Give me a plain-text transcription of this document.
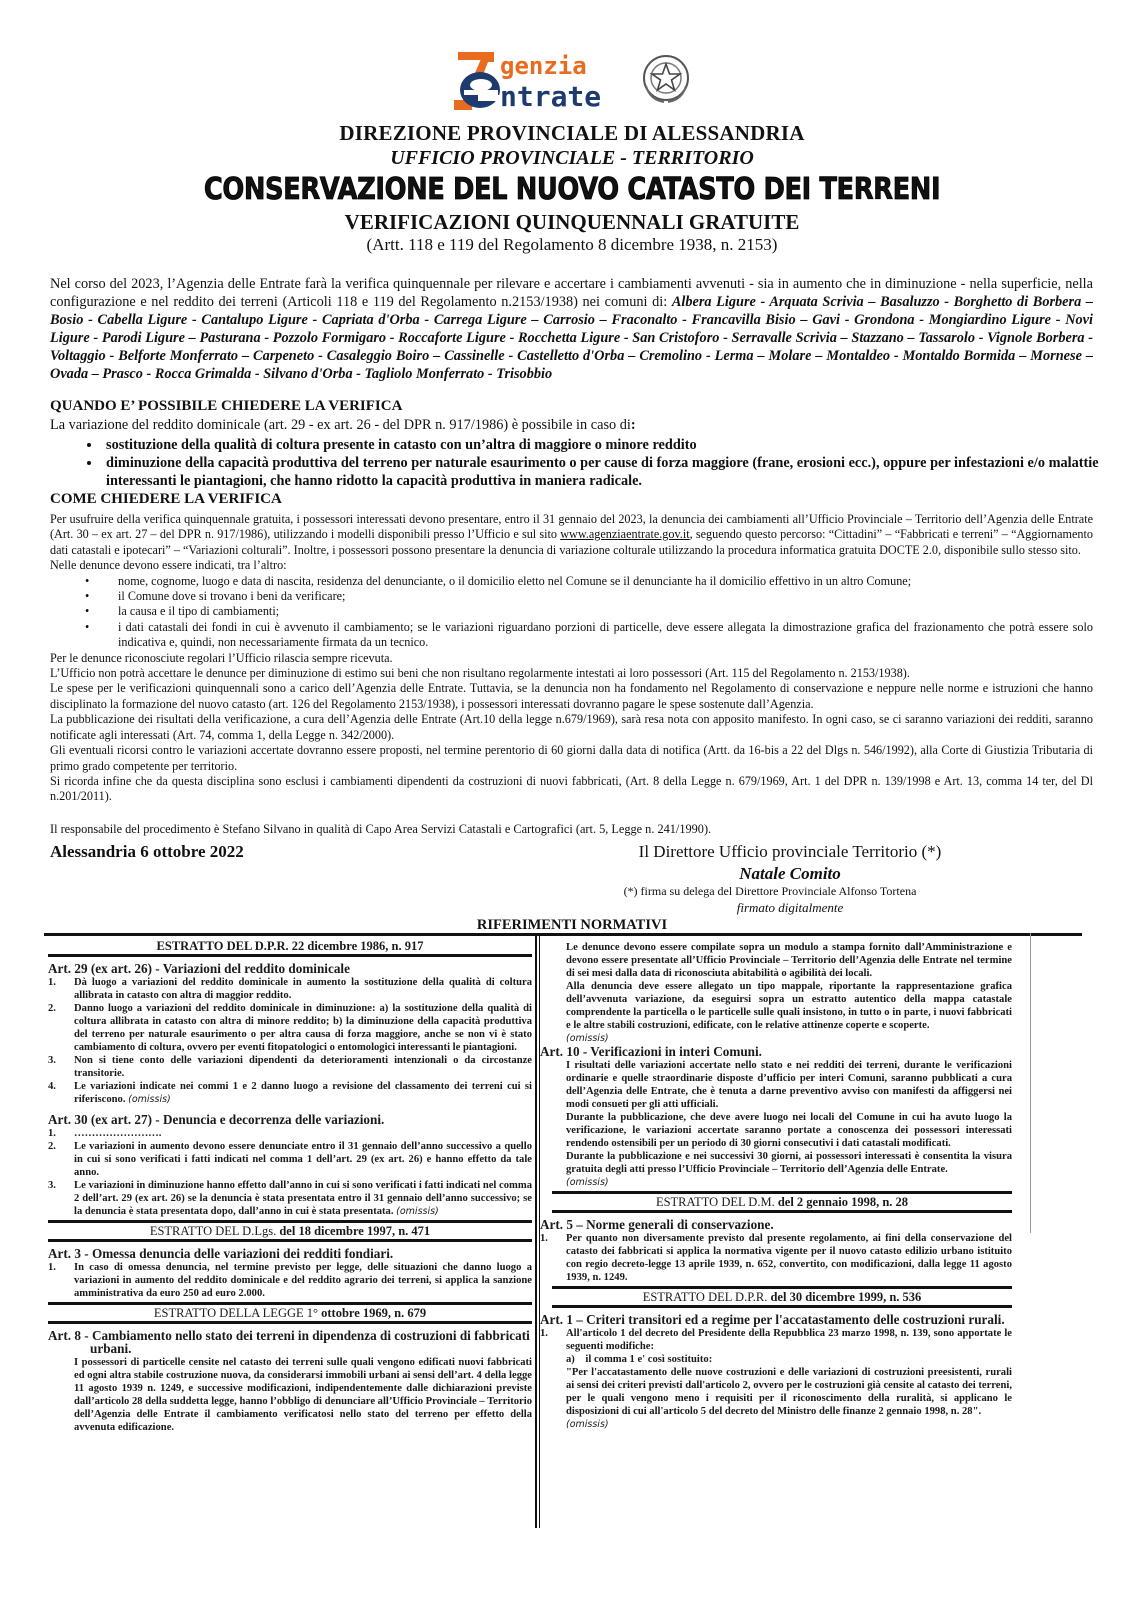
genzia
ntrate
DIREZIONE PROVINCIALE DI ALESSANDRIA
UFFICIO PROVINCIALE - TERRITORIO
CONSERVAZIONE DEL NUOVO CATASTO DEI TERRENI
VERIFICAZIONI QUINQUENNALI GRATUITE
(Artt. 118 e 119 del Regolamento 8 dicembre 1938, n. 2153)
Nel corso del 2023, l’Agenzia delle Entrate farà la verifica quinquennale per rilevare e accertare i cambiamenti avvenuti - sia in aumento che in diminuzione - nella superficie, nella configurazione e nel reddito dei terreni (Articoli 118 e 119 del Regolamento n.2153/1938) nei comuni di: Albera Ligure - Arquata Scrivia – Basaluzzo - Borghetto di Borbera – Bosio - Cabella Ligure - Cantalupo Ligure - Capriata d'Orba - Carrega Ligure – Carrosio – Fraconalto - Francavilla Bisio – Gavi - Grondona - Mongiardino Ligure - Novi Ligure - Parodi Ligure – Pasturana - Pozzolo Formigaro - Roccaforte Ligure - Rocchetta Ligure - San Cristoforo - Serravalle Scrivia – Stazzano – Tassarolo - Vignole Borbera - Voltaggio - Belforte Monferrato – Carpeneto - Casaleggio Boiro – Cassinelle - Castelletto d'Orba – Cremolino - Lerma – Molare – Montaldeo - Montaldo Bormida – Mornese – Ovada – Prasco - Rocca Grimalda - Silvano d'Orba - Tagliolo Monferrato - Trisobbio
QUANDO E’ POSSIBILE CHIEDERE LA VERIFICA
La variazione del reddito dominicale (art. 29 - ex art. 26 - del DPR n. 917/1986) è possibile in caso di:
• sostituzione della qualità di coltura presente in catasto con un’altra di maggiore o minore reddito
• diminuzione della capacità produttiva del terreno per naturale esaurimento o per cause di forza maggiore (frane, erosioni ecc.), oppure per infestazioni e/o malattie interessanti le piantagioni, che hanno ridotto la capacità produttiva in maniera radicale.
COME CHIEDERE LA VERIFICA

Per usufruire della verifica quinquennale gratuita, i possessori interessati devono presentare, entro il 31 gennaio del 2023, la denuncia dei cambiamenti all’Ufficio Provinciale – Territorio dell’Agenzia delle Entrate (Art. 30 – ex art. 27 – del DPR n. 917/1986), utilizzando i modelli disponibili presso l’Ufficio e sul sito www.agenziaentrate.gov.it, seguendo questo percorso: “Cittadini” – “Fabbricati e terreni” – “Aggiornamento dati catastali e ipotecari” – “Variazioni colturali”. Inoltre, i possessori possono presentare la denuncia di variazione colturale utilizzando la procedura informatica gratuita DOCTE 2.0, disponibile sullo stesso sito.

Nelle denunce devono essere indicati, tra l’altro:

• nome, cognome, luogo e data di nascita, residenza del denunciante, o il domicilio eletto nel Comune se il denunciante ha il domicilio effettivo in un altro Comune;
• il Comune dove si trovano i beni da verificare;
• la causa e il tipo di cambiamenti;
• i dati catastali dei fondi in cui è avvenuto il cambiamento; se le variazioni riguardano porzioni di particelle, deve essere allegata la dimostrazione grafica del frazionamento che potrà essere solo indicativa e, quindi, non necessariamente firmata da un tecnico.

Per le denunce riconosciute regolari l’Ufficio rilascia sempre ricevuta.

L’Ufficio non potrà accettare le denunce per diminuzione di estimo sui beni che non risultano regolarmente intestati ai loro possessori (Art. 115 del Regolamento n. 2153/1938).

Le spese per le verificazioni quinquennali sono a carico dell’Agenzia delle Entrate. Tuttavia, se la denuncia non ha fondamento nel Regolamento di conservazione e neppure nelle norme e istruzioni che hanno disciplinato la formazione del nuovo catasto (art. 126 del Regolamento 2153/1938), i possessori interessati dovranno pagare le spese sostenute dall’Agenzia.

La pubblicazione dei risultati della verificazione, a cura dell’Agenzia delle Entrate (Art.10 della legge n.679/1969), sarà resa nota con apposito manifesto. In ogni caso, se ci saranno variazioni dei redditi, saranno notificate agli interessati (Art. 74, comma 1, della Legge n. 342/2000).

Gli eventuali ricorsi contro le variazioni accertate dovranno essere proposti, nel termine perentorio di 60 giorni dalla data di notifica (Artt. da 16-bis a 22 del Dlgs n. 546/1992), alla Corte di Giustizia Tributaria di primo grado competente per territorio.

Si ricorda infine che da questa disciplina sono esclusi i cambiamenti dipendenti da costruzioni di nuovi fabbricati, (Art. 8 della Legge n. 679/1969, Art. 1 del DPR n. 139/1998 e Art. 13, comma 14 ter, del Dl n.201/2011).

Il responsabile del procedimento è Stefano Silvano in qualità di Capo Area Servizi Catastali e Cartografici (art. 5, Legge n. 241/1990).
Alessandria 6 ottobre 2022	Il Direttore Ufficio provinciale Territorio (*)
Natale Comito
(*) firma su delega del Direttore Provinciale Alfonso Tortena
firmato digitalmente
RIFERIMENTI NORMATIVI
ESTRATTO DEL D.P.R. 22 dicembre 1986, n. 917
Art. 29 (ex art. 26) - Variazioni del reddito dominicale
1.	Dà luogo a variazioni del reddito dominicale in aumento la sostituzione della qualità di coltura allibrata in catasto con altra di maggior reddito.
2.	Danno luogo a variazioni del reddito dominicale in diminuzione: a) la sostituzione della qualità di coltura allibrata in catasto con altra di minore reddito; b) la diminuzione della capacità produttiva del terreno per naturale esaurimento o per altra causa di forza maggiore, anche se non vi è stato cambiamento di coltura, ovvero per eventi fitopatologici o entomologici interessanti le piantagioni.
3.	Non si tiene conto delle variazioni dipendenti da deterioramenti intenzionali o da circostanze transitorie.
4.	Le variazioni indicate nei commi 1 e 2 danno luogo a revisione del classamento dei terreni cui si riferiscono. (omissis)
Art. 30 (ex art. 27) - Denuncia e decorrenza delle variazioni.
1.	…………………….
2.	Le variazioni in aumento devono essere denunciate entro il 31 gennaio dell’anno successivo a quello in cui si sono verificati i fatti indicati nel comma 1 dell’art. 29 (ex art. 26) e hanno effetto da tale anno.
3.	Le variazioni in diminuzione hanno effetto dall’anno in cui si sono verificati i fatti indicati nel comma 2 dell’art. 29 (ex art. 26) se la denuncia è stata presentata entro il 31 gennaio dell’anno successivo; se la denuncia è stata presentata dopo, dall’anno in cui è stata presentata. (omissis)
ESTRATTO DEL D.Lgs. del 18 dicembre 1997, n. 471
Art. 3 - Omessa denuncia delle variazioni dei redditi fondiari.
1.	In caso di omessa denuncia, nel termine previsto per legge, delle situazioni che danno luogo a variazioni in aumento del reddito dominicale e del reddito agrario dei terreni, si applica la sanzione amministrativa da euro 250 ad euro 2.000.
ESTRATTO DELLA LEGGE 1° ottobre 1969, n. 679
Art. 8 - Cambiamento nello stato dei terreni in dipendenza di costruzioni di fabbricati urbani.
I possessori di particelle censite nel catasto dei terreni sulle quali vengono edificati nuovi fabbricati ed ogni altra stabile costruzione nuova, da considerarsi immobili urbani ai sensi dell’art. 4 della legge 11 agosto 1939 n. 1249, e successive modificazioni, indipendentemente dalle dichiarazioni previste dall’articolo 28 della suddetta legge, hanno l’obbligo di denunciare all’Ufficio Provinciale – Territorio dell’Agenzia delle Entrate il cambiamento verificatosi nello stato del terreno per effetto della avvenuta edificazione.
Le denunce devono essere compilate sopra un modulo a stampa fornito dall’Amministrazione e devono essere presentate all’Ufficio Provinciale – Territorio dell’Agenzia delle Entrate nel termine di sei mesi dalla data di riconosciuta abitabilità o agibilità dei locali.
Alla denuncia deve essere allegato un tipo mappale, riportante la rappresentazione grafica dell’avvenuta variazione, da eseguirsi sopra un estratto autentico della mappa catastale comprendente la particella o le particelle sulle quali insistono, in tutto o in parte, i nuovi fabbricati e le altre stabili costruzioni, edificate, con le relative attinenze coperte e scoperte.
(omissis)
Art. 10 - Verificazioni in interi Comuni.
I risultati delle variazioni accertate nello stato e nei redditi dei terreni, durante le verificazioni ordinarie e quelle straordinarie disposte d’ufficio per interi Comuni, saranno pubblicati a cura dell’Agenzia delle Entrate, che è tenuta a darne preventivo avviso con manifesti da affiggersi nei modi consueti per gli atti ufficiali.
Durante la pubblicazione, che deve avere luogo nei locali del Comune in cui ha avuto luogo la verificazione, le variazioni accertate saranno portate a conoscenza dei possessori interessati rendendo ostensibili per un periodo di 30 giorni consecutivi i dati catastali modificati.
Durante la pubblicazione e nei successivi 30 giorni, ai possessori interessati è consentita la visura gratuita degli atti presso l’Ufficio Provinciale – Territorio dell’Agenzia delle Entrate.
(omissis)
ESTRATTO DEL D.M. del 2 gennaio 1998, n. 28
Art. 5 – Norme generali di conservazione.
1.	Per quanto non diversamente previsto dal presente regolamento, ai fini della conservazione del catasto dei fabbricati si applica la normativa vigente per il nuovo catasto edilizio urbano istituito con regio decreto-legge 13 aprile 1939, n. 652, convertito, con modificazioni, dalla legge 11 agosto 1939, n. 1249.
ESTRATTO DEL D.P.R. del 30 dicembre 1999, n. 536
Art. 1 – Criteri transitori ed a regime per l'accatastamento delle costruzioni rurali.
1.	All'articolo 1 del decreto del Presidente della Repubblica 23 marzo 1998, n. 139, sono apportate le seguenti modifiche:
a) il comma 1 e' così sostituito:
"Per l'accatastamento delle nuove costruzioni e delle variazioni di costruzioni preesistenti, rurali ai sensi dei criteri previsti dall'articolo 2, ovvero per le costruzioni già censite al catasto dei terreni, per le quali vengono meno i requisiti per il riconoscimento della ruralità, si applicano le disposizioni di cui all'articolo 5 del decreto del Ministro delle finanze 2 gennaio 1998, n. 28".
(omissis)
